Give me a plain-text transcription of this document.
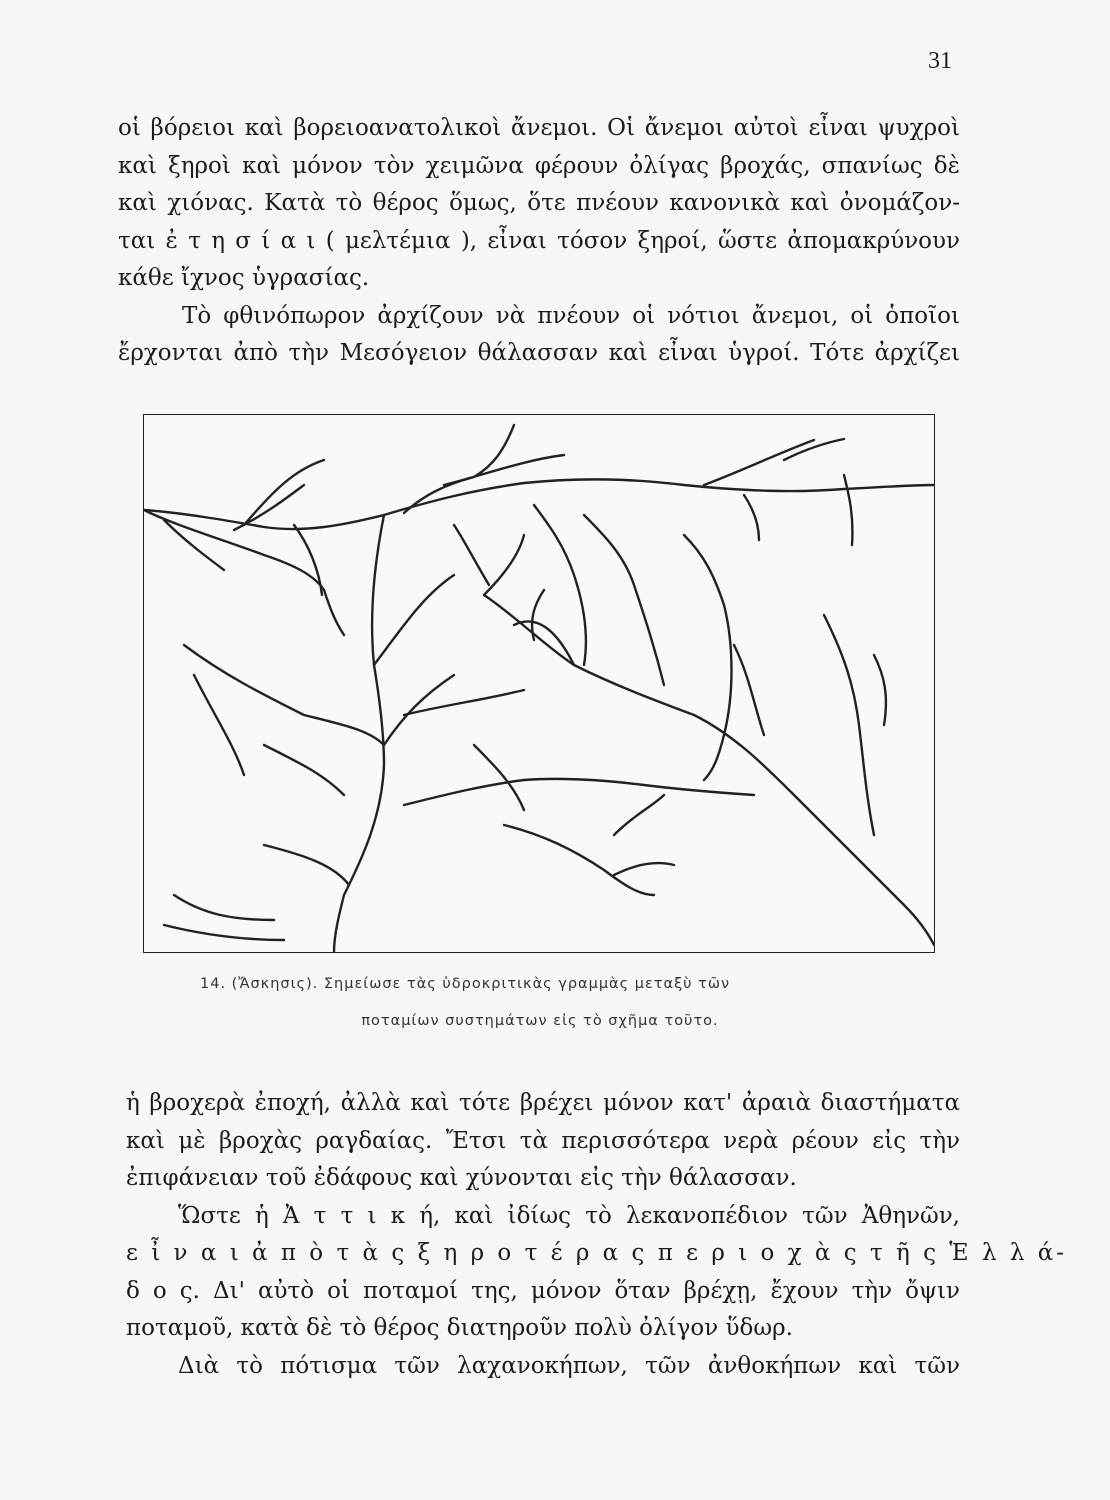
31
οἱ βόρειοι καὶ βορειοανατολικοὶ ἄνεμοι. Οἱ ἄνεμοι αὐτοὶ εἶναι ψυχροὶ
καὶ ξηροὶ καὶ μόνον τὸν χειμῶνα φέρουν ὀλίγας βροχάς, σπανίως δὲ
καὶ χιόνας. Κατὰ τὸ θέρος ὅμως, ὅτε πνέουν κανονικὰ καὶ ὀνομάζον-
ται ἐ τ η σ ί α ι ( μελτέμια ), εἶναι τόσον ξηροί, ὥστε ἀπομακρύνουν
κάθε ἴχνος ὑγρασίας.
Τὸ φθινόπωρον ἀρχίζουν νὰ πνέουν οἱ νότιοι ἄνεμοι, οἱ ὁποῖοι
ἔρχονται ἀπὸ τὴν Μεσόγειον θάλασσαν καὶ εἶναι ὑγροί. Τότε ἀρχίζει
14. (Ἄσκησις). Σημείωσε τὰς ὑδροκριτικὰς γραμμὰς μεταξὺ τῶν
ποταμίων συστημάτων εἰς τὸ σχῆμα τοῦτο.
ἡ βροχερὰ ἐποχή, ἀλλὰ καὶ τότε βρέχει μόνον κατ' ἀραιὰ διαστήματα
καὶ μὲ βροχὰς ραγδαίας. Ἔτσι τὰ περισσότερα νερὰ ρέουν εἰς τὴν
ἐπιφάνειαν τοῦ ἐδάφους καὶ χύνονται εἰς τὴν θάλασσαν.
Ὥστε ἡ Ἀ τ τ ι κ ή, καὶ ἰδίως τὸ λεκανοπέδιον τῶν Ἀθηνῶν,
ε ἶ ν α ι ἀ π ὸ τ ὰ ς ξ η ρ ο τ έ ρ α ς π ε ρ ι ο χ ὰ ς τ ῆ ς Ἑ λ λ ά-
δ ο ς. Δι' αὐτὸ οἱ ποταμοί της, μόνον ὅταν βρέχῃ, ἔχουν τὴν ὄψιν
ποταμοῦ, κατὰ δὲ τὸ θέρος διατηροῦν πολὺ ὀλίγον ὕδωρ.
Διὰ τὸ πότισμα τῶν λαχανοκήπων, τῶν ἀνθοκήπων καὶ τῶν
